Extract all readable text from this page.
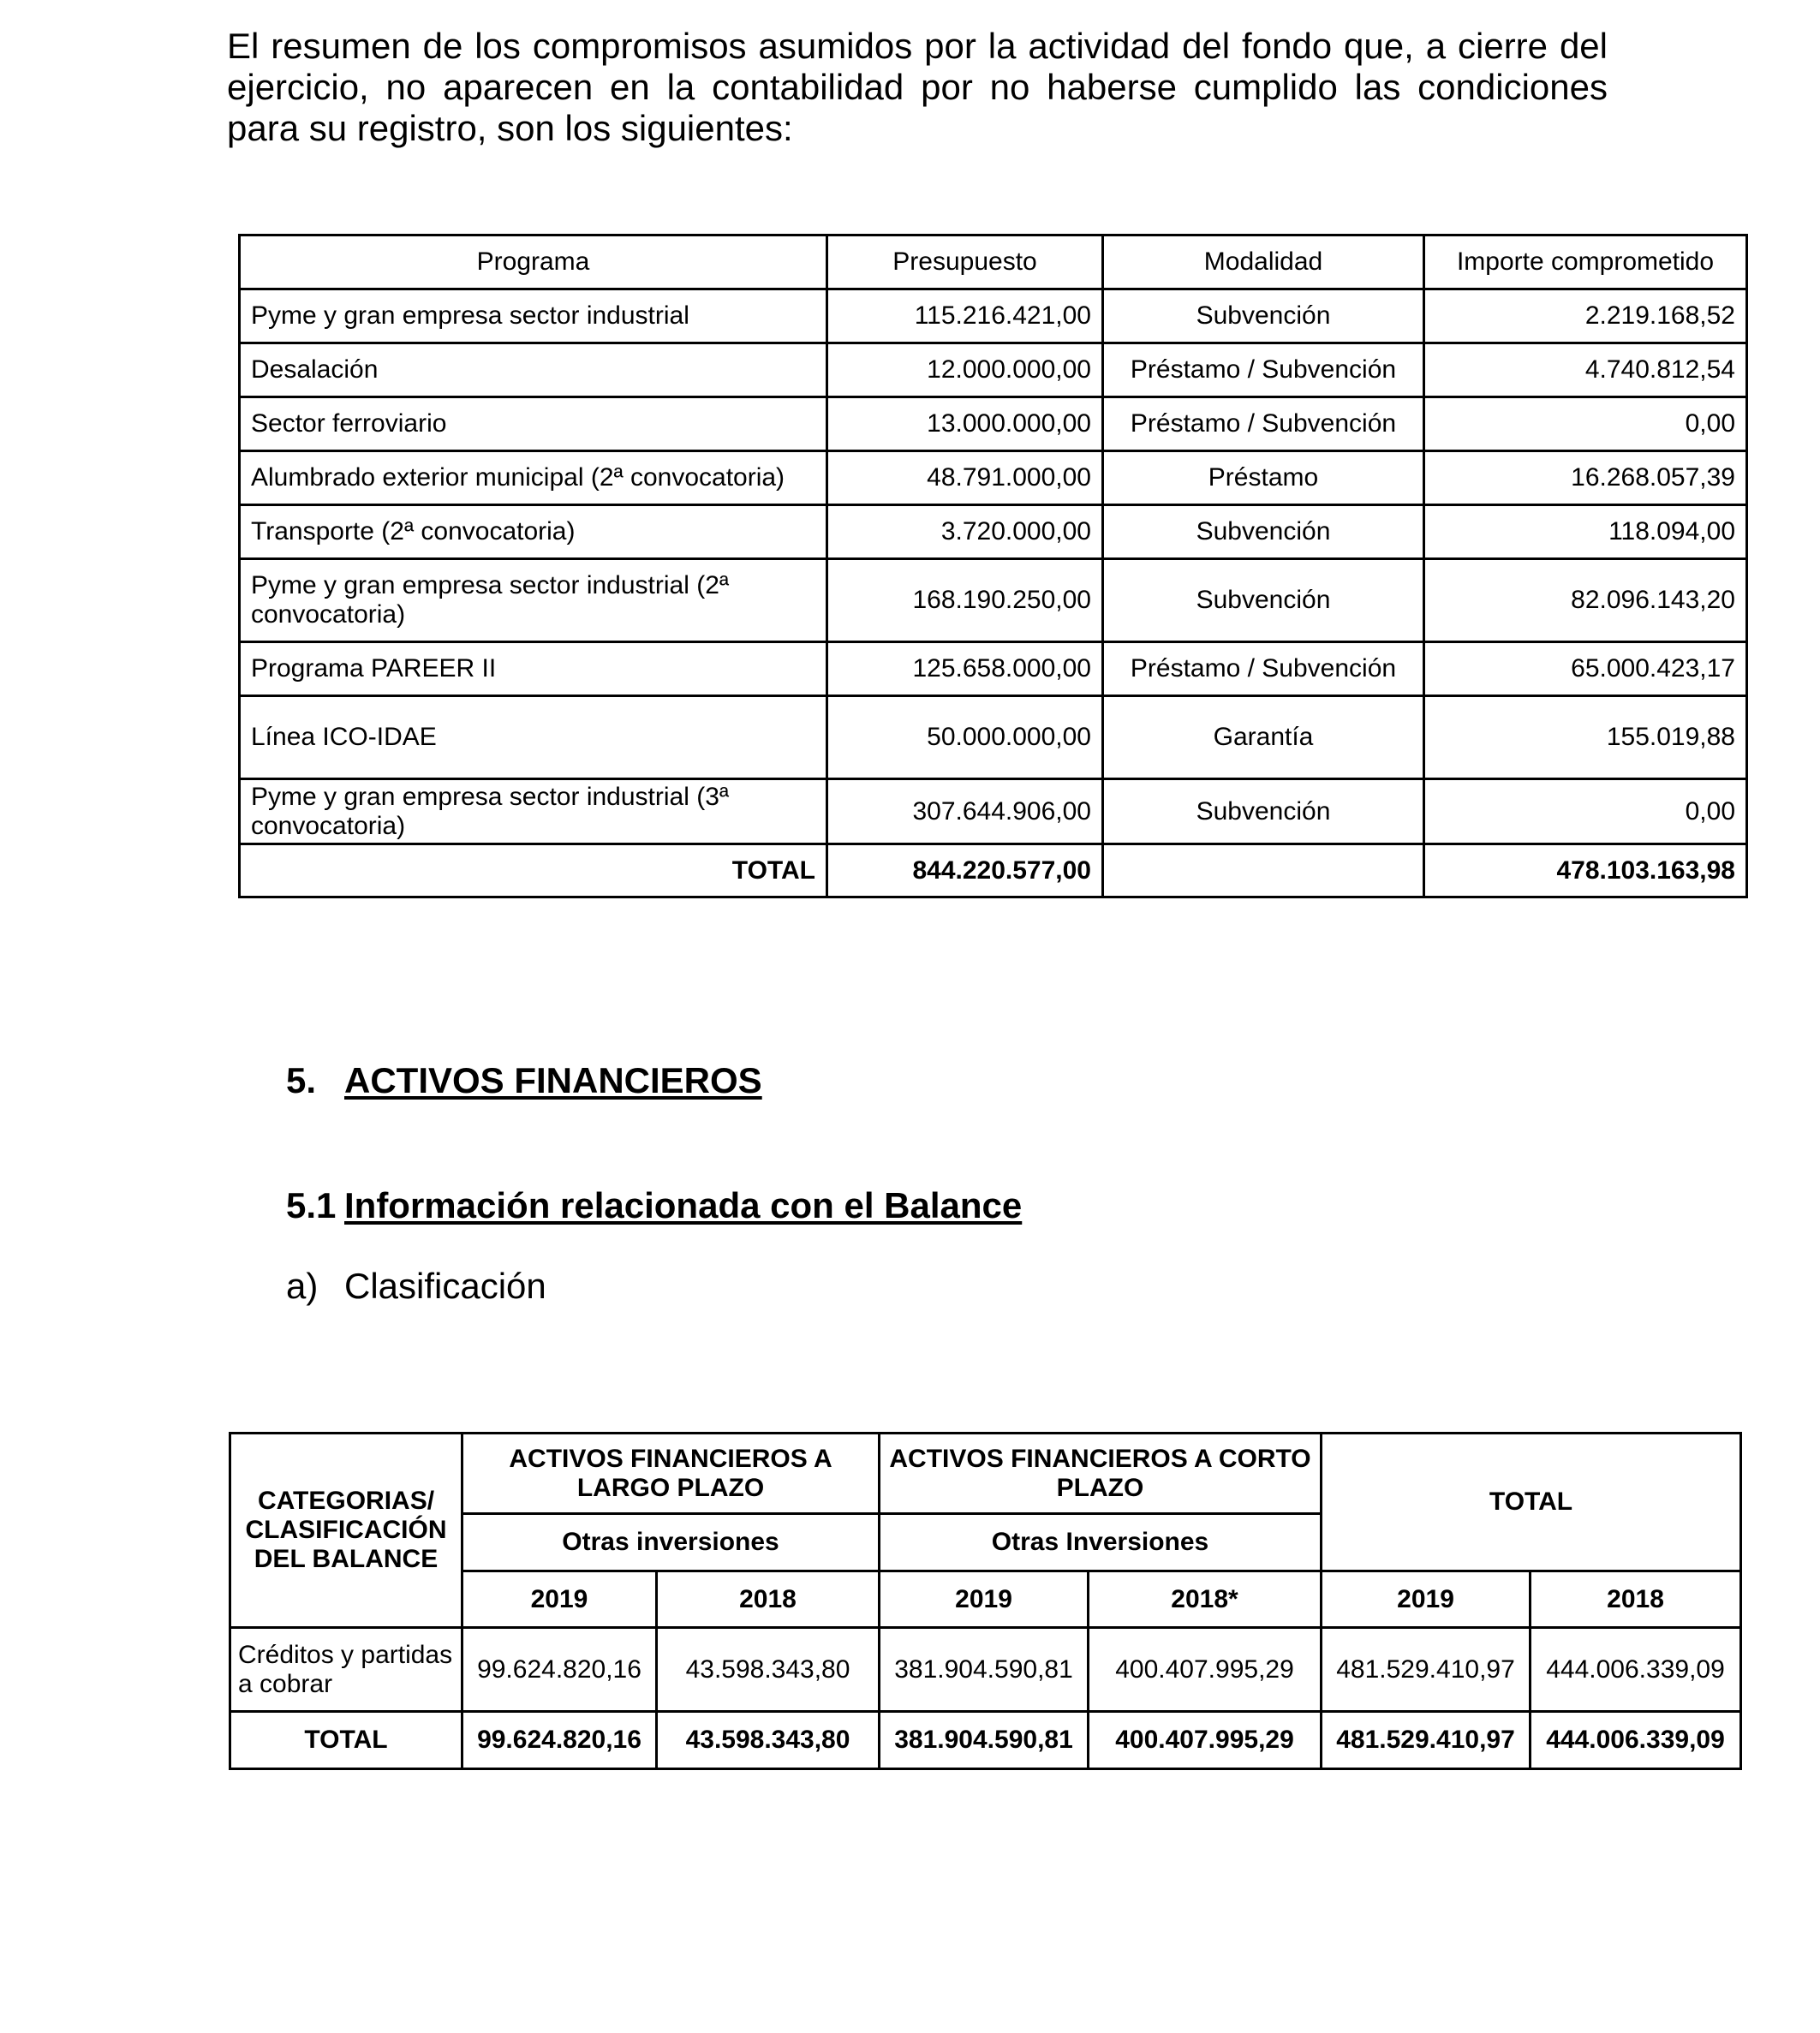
El resumen de los compromisos asumidos por la actividad del fondo que, a cierre del ejercicio, no aparecen en la contabilidad por no haberse cumplido las condiciones para su registro, son los siguientes:

Programa	Presupuesto	Modalidad	Importe comprometido
Pyme y gran empresa sector industrial	115.216.421,00	Subvención	2.219.168,52
Desalación	12.000.000,00	Préstamo / Subvención	4.740.812,54
Sector ferroviario	13.000.000,00	Préstamo / Subvención	0,00
Alumbrado exterior municipal (2ª convocatoria)	48.791.000,00	Préstamo	16.268.057,39
Transporte (2ª convocatoria)	3.720.000,00	Subvención	118.094,00
Pyme y gran empresa sector industrial (2ª convocatoria)	168.190.250,00	Subvención	82.096.143,20
Programa PAREER II	125.658.000,00	Préstamo / Subvención	65.000.423,17
Línea ICO-IDAE	50.000.000,00	Garantía	155.019,88
Pyme y gran empresa sector industrial (3ª convocatoria)	307.644.906,00	Subvención	0,00
TOTAL	844.220.577,00		478.103.163,98
5. ACTIVOS FINANCIEROS
5.1 Información relacionada con el Balance
a) Clasificación
CATEGORIAS/ CLASIFICACIÓN DEL BALANCE	ACTIVOS FINANCIEROS A LARGO PLAZO		ACTIVOS FINANCIEROS A CORTO PLAZO		TOTAL	
	Otras inversiones		Otras Inversiones			
	2019	2018	2019	2018*	2019	2018
Créditos y partidas a cobrar	99.624.820,16	43.598.343,80	381.904.590,81	400.407.995,29	481.529.410,97	444.006.339,09
TOTAL	99.624.820,16	43.598.343,80	381.904.590,81	400.407.995,29	481.529.410,97	444.006.339,09
